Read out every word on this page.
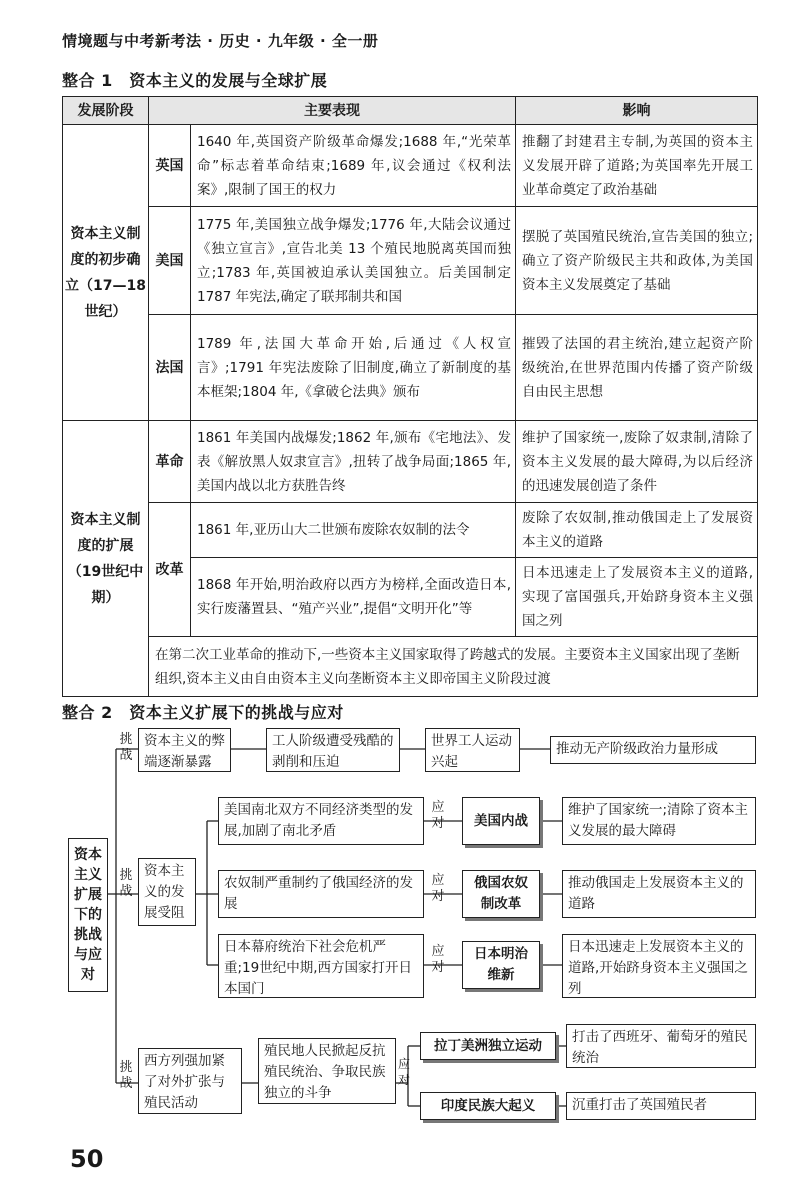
情境题与中考新考法 · 历史 · 九年级 · 全一册
整合 1　资本主义的发展与全球扩展
发展阶段	主要表现		影响
资本主义制度的初步确立（17—18世纪）	英国	1640 年,英国资产阶级革命爆发;1688 年,“光荣革命”标志着革命结束;1689 年,议会通过《权利法案》,限制了国王的权力	推翻了封建君主专制,为英国的资本主义发展开辟了道路;为英国率先开展工业革命奠定了政治基础
	美国	1775 年,美国独立战争爆发;1776 年,大陆会议通过《独立宣言》,宣告北美 13 个殖民地脱离英国而独立;1783 年,英国被迫承认美国独立。后美国制定 1787 年宪法,确定了联邦制共和国	摆脱了英国殖民统治,宣告美国的独立;确立了资产阶级民主共和政体,为美国资本主义发展奠定了基础
	法国	1789 年,法国大革命开始,后通过《人权宣言》;1791 年宪法废除了旧制度,确立了新制度的基本框架;1804 年,《拿破仑法典》颁布	摧毁了法国的君主统治,建立起资产阶级统治,在世界范围内传播了资产阶级自由民主思想
资本主义制度的扩展（19世纪中期）	革命	1861 年美国内战爆发;1862 年,颁布《宅地法》、发表《解放黑人奴隶宣言》,扭转了战争局面;1865 年,美国内战以北方获胜告终	维护了国家统一,废除了奴隶制,清除了资本主义发展的最大障碍,为以后经济的迅速发展创造了条件
	改革	1861 年,亚历山大二世颁布废除农奴制的法令	废除了农奴制,推动俄国走上了发展资本主义的道路
		1868 年开始,明治政府以西方为榜样,全面改造日本,实行废藩置县、“殖产兴业”,提倡“文明开化”等	日本迅速走上了发展资本主义的道路,实现了富国强兵,开始跻身资本主义强国之列
	在第二次工业革命的推动下,一些资本主义国家取得了跨越式的发展。主要资本主义国家出现了垄断组织,资本主义由自由资本主义向垄断资本主义即帝国主义阶段过渡		
整合 2　资本主义扩展下的挑战与应对
资本主义扩展下的挑战与应对
挑战
挑战
挑战
资本主义的弊端逐渐暴露
工人阶级遭受残酷的剥削和压迫
世界工人运动兴起
推动无产阶级政治力量形成
资本主义的发展受阻
美国南北双方不同经济类型的发展,加剧了南北矛盾
应对	美国内战
维护了国家统一;清除了资本主义发展的最大障碍
农奴制严重制约了俄国经济的发展
应对
俄国农奴制改革
推动俄国走上发展资本主义的道路
日本幕府统治下社会危机严重;19世纪中期,西方国家打开日本国门
应对
日本明治维新
日本迅速走上发展资本主义的道路,开始跻身资本主义强国之列
西方列强加紧了对外扩张与殖民活动
殖民地人民掀起反抗殖民统治、争取民族独立的斗争
应对
拉丁美洲独立运动
打击了西班牙、葡萄牙的殖民统治
印度民族大起义	沉重打击了英国殖民者
50
